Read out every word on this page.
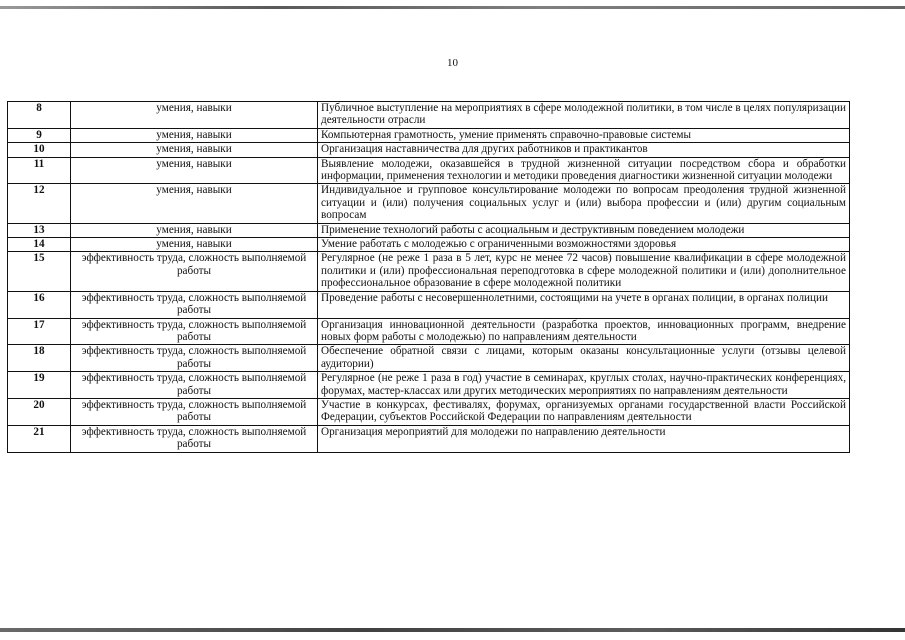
10
8	умения, навыки	Публичное выступление на мероприятиях в сфере молодежной политики, в том числе в целях популяризации деятельности отрасли
9	умения, навыки	Компьютерная грамотность, умение применять справочно-правовые системы
10	умения, навыки	Организация наставничества для других работников и практикантов
11	умения, навыки	Выявление молодежи, оказавшейся в трудной жизненной ситуации посредством сбора и обработки информации, применения технологии и методики проведения диагностики жизненной ситуации молодежи
12	умения, навыки	Индивидуальное и групповое консультирование молодежи по вопросам преодоления трудной жизненной ситуации и (или) получения социальных услуг и (или) выбора профессии и (или) другим социальным вопросам
13	умения, навыки	Применение технологий работы с асоциальным и деструктивным поведением молодежи
14	умения, навыки	Умение работать с молодежью с ограниченными возможностями здоровья
15	эффективность труда, сложность выполняемой работы	Регулярное (не реже 1 раза в 5 лет, курс не менее 72 часов) повышение квалификации в сфере молодежной политики и (или) профессиональная переподготовка в сфере молодежной политики и (или) дополнительное профессиональное образование в сфере молодежной политики
16	эффективность труда, сложность выполняемой работы	Проведение работы с несовершеннолетними, состоящими на учете в органах полиции, в органах полиции
17	эффективность труда, сложность выполняемой работы	Организация инновационной деятельности (разработка проектов, инновационных программ, внедрение новых форм работы с молодежью) по направлениям деятельности
18	эффективность труда, сложность выполняемой работы	Обеспечение обратной связи с лицами, которым оказаны консультационные услуги (отзывы целевой аудитории)
19	эффективность труда, сложность выполняемой работы	Регулярное (не реже 1 раза в год) участие в семинарах, круглых столах, научно-практических конференциях, форумах, мастер-классах или других методических мероприятиях по направлениям деятельности
20	эффективность труда, сложность выполняемой работы	Участие в конкурсах, фестивалях, форумах, организуемых органами государственной власти Российской Федерации, субъектов Российской Федерации по направлениям деятельности
21	эффективность труда, сложность выполняемой работы	Организация мероприятий для молодежи по направлению деятельности
